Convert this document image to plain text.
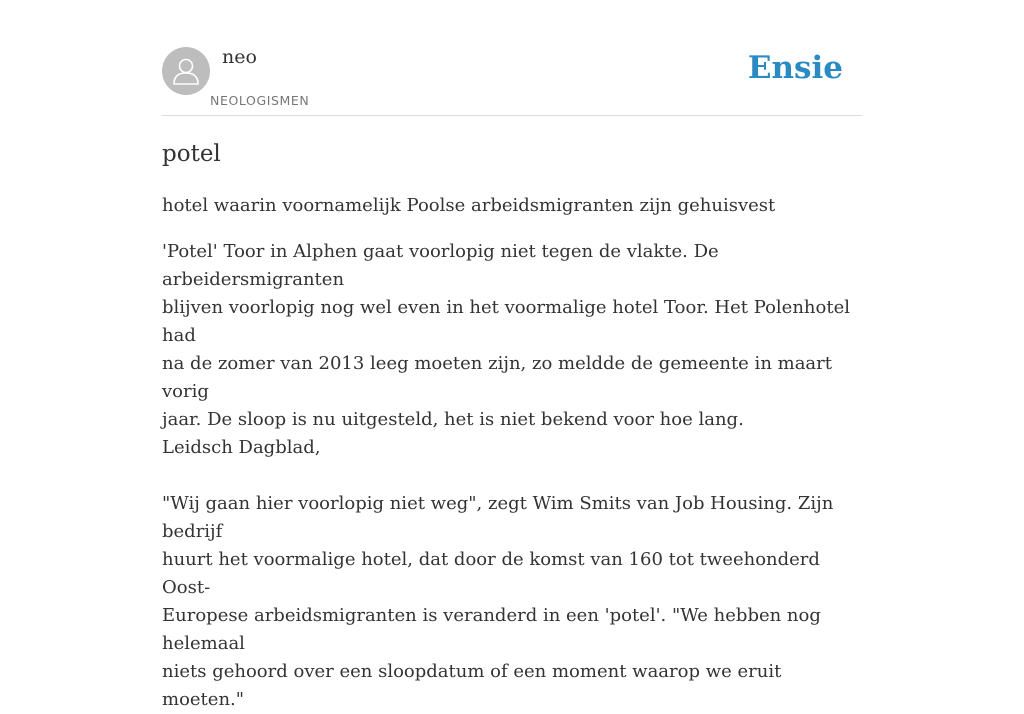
neo
NEOLOGISMEN
Ensie
potel

hotel waarin voornamelijk Poolse arbeidsmigranten zijn gehuisvest

'Potel' Toor in Alphen gaat voorlopig niet tegen de vlakte. De arbeidersmigranten
blijven voorlopig nog wel even in het voormalige hotel Toor. Het Polenhotel had
na de zomer van 2013 leeg moeten zijn, zo meldde de gemeente in maart vorig
jaar. De sloop is nu uitgesteld, het is niet bekend voor hoe lang.
Leidsch Dagblad,
"Wij gaan hier voorlopig niet weg", zegt Wim Smits van Job Housing. Zijn bedrijf
huurt het voormalige hotel, dat door de komst van 160 tot tweehonderd Oost-
Europese arbeidsmigranten is veranderd in een 'potel'. "We hebben nog helemaal
niets gehoord over een sloopdatum of een moment waarop we eruit moeten."
